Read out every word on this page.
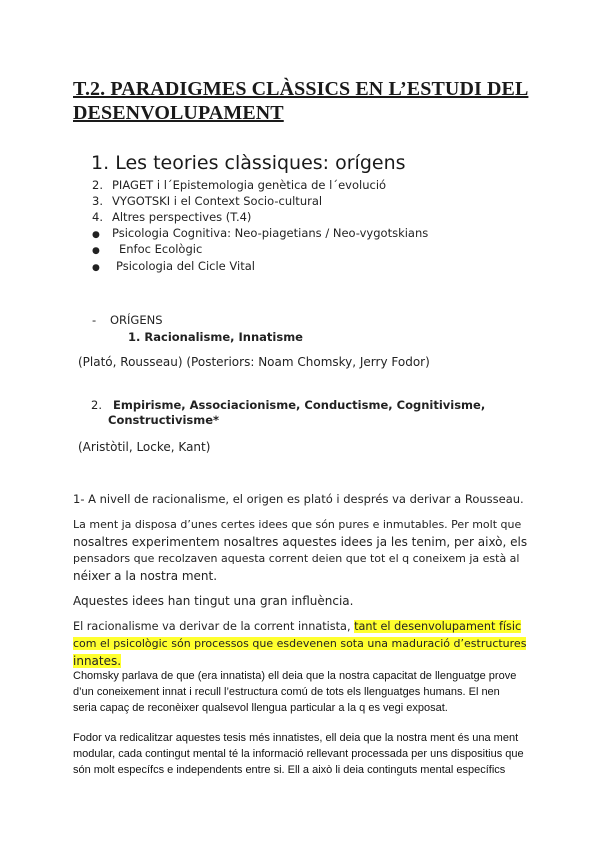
T.2. PARADIGMES CLÀSSICS EN L’ESTUDI DEL
DESENVOLUPAMENT
1. Les teories clàssiques: orígens
2. PIAGET i l´Epistemologia genètica de l´evolució
3. VYGOTSKI i el Context Socio-cultural
4. Altres perspectives (T.4)
● Psicologia Cognitiva: Neo-piagetians / Neo-vygotskians
● Enfoc Ecològic
● Psicologia del Cicle Vital
- ORÍGENS
1. Racionalisme, Innatisme
(Plató, Rousseau) (Posteriors: Noam Chomsky, Jerry Fodor)
2. Empirisme, Associacionisme, Conductisme, Cognitivisme,
Constructivisme*
(Aristòtil, Locke, Kant)
1- A nivell de racionalisme, el origen es plató i després va derivar a Rousseau.
La ment ja disposa d’unes certes idees que són pures e inmutables. Per molt que
nosaltres experimentem nosaltres aquestes idees ja les tenim, per això, els
pensadors que recolzaven aquesta corrent deien que tot el q coneixem ja està al
néixer a la nostra ment.
Aquestes idees han tingut una gran influència.
El racionalisme va derivar de la corrent innatista, tant el desenvolupament físic
com el psicològic són processos que esdevenen sota una maduració d’estructures
innates.
Chomsky parlava de que (era innatista) ell deia que la nostra capacitat de llenguatge prove
d’un coneixement innat i recull l’estructura comú de tots els llenguatges humans. El nen
seria capaç de reconèixer qualsevol llengua particular a la q es vegi exposat.
Fodor va redicalitzar aquestes tesis més innatistes, ell deia que la nostra ment és una ment
modular, cada contingut mental té la informació rellevant processada per uns dispositius que
són molt específcs e independents entre si. Ell a això li deia continguts mental específics
